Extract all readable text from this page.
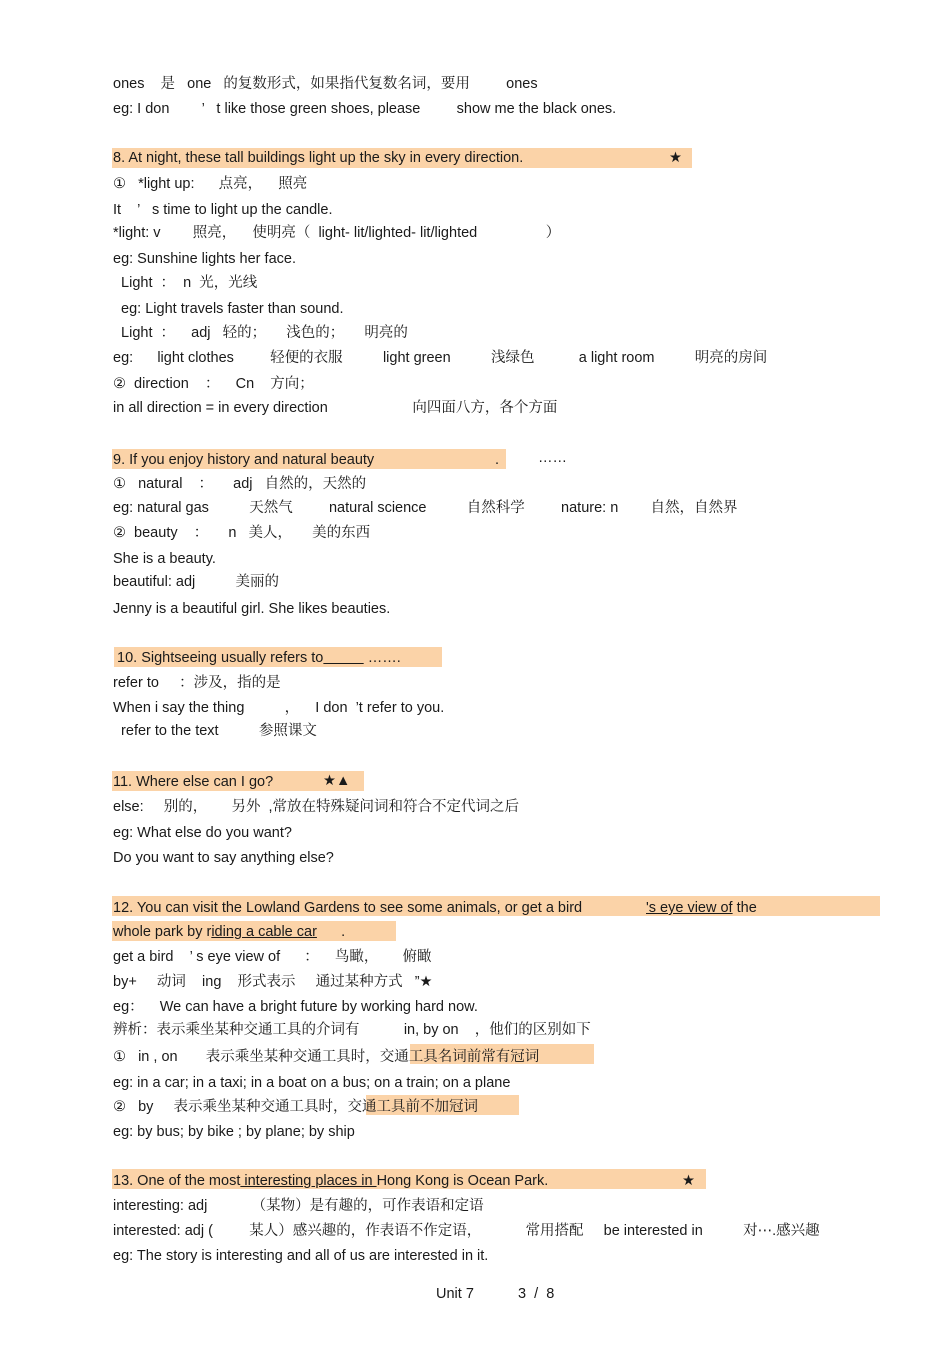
ones    是   one   的复数形式，如果指代复数名词，要用         ones
eg: I don        ’   t like those green shoes, please         show me the black ones.
8. At night, these tall buildings light up the sky in every direction.	★
①   *light up:      点亮，    照亮
It    ’   s time to light up the candle.
*light: v        照亮，    使明亮（  light- lit/lighted- lit/lighted                 ）
eg: Sunshine lights her face.
Light  ：  n  光，光线
eg: Light travels faster than sound.
Light  ：    adj   轻的；     浅色的；     明亮的
eg:      light clothes         轻便的衣服          light green          浅绿色           a light room          明亮的房间
②  direction    ：    Cn    方向；
in all direction = in every direction                     向四面八方，各个方面
9. If you enjoy history and natural beauty                              .	……
①   natural    ：     adj   自然的，天然的
eg: natural gas          天然气         natural science          自然科学         nature: n        自然，自然界
②  beauty    ：     n   美人，     美的东西
She is a beauty.
beautiful: adj          美丽的
Jenny is a beautiful girl. She likes beauties.
10. Sightseeing usually refers to	…….
refer to     ：涉及，指的是
When i say the thing          ，    I don  ’t refer to you.
refer to the text          参照课文
11. Where else can I go?	★▲
else:     别的，      另外  ,常放在特殊疑问词和符合不定代词之后
eg: What else do you want?
Do you want to say anything else?
12. You can visit the Lowland Gardens to see some animals, or get a bird	's eye view of the
whole park by riding a cable car      .
get a bird    ’ s eye view of      ：    鸟瞰，      俯瞰
by+     动词    ing    形式表示     通过某种方式   ”★
eg：    We can have a bright future by working hard now.
辨析：表示乘坐某种交通工具的介词有           in, by on    ，他们的区别如下
①   in , on       表示乘坐某种交通工具时，交通工具名词前常有冠词
eg: in a car; in a taxi; in a boat on a bus; on a train; on a plane
②   by     表示乘坐某种交通工具时，交通工具前不加冠词
eg: by bus; by bike ; by plane; by ship
13. One of the most interesting places in Hong Kong is Ocean Park.	★
interesting: adj           （某物）是有趣的，可作表语和定语
interested: adj (         某人）感兴趣的，作表语不作定语，           常用搭配     be interested in          对⋯.感兴趣
eg: The story is interesting and all of us are interested in it.
Unit 7	3  /  8
